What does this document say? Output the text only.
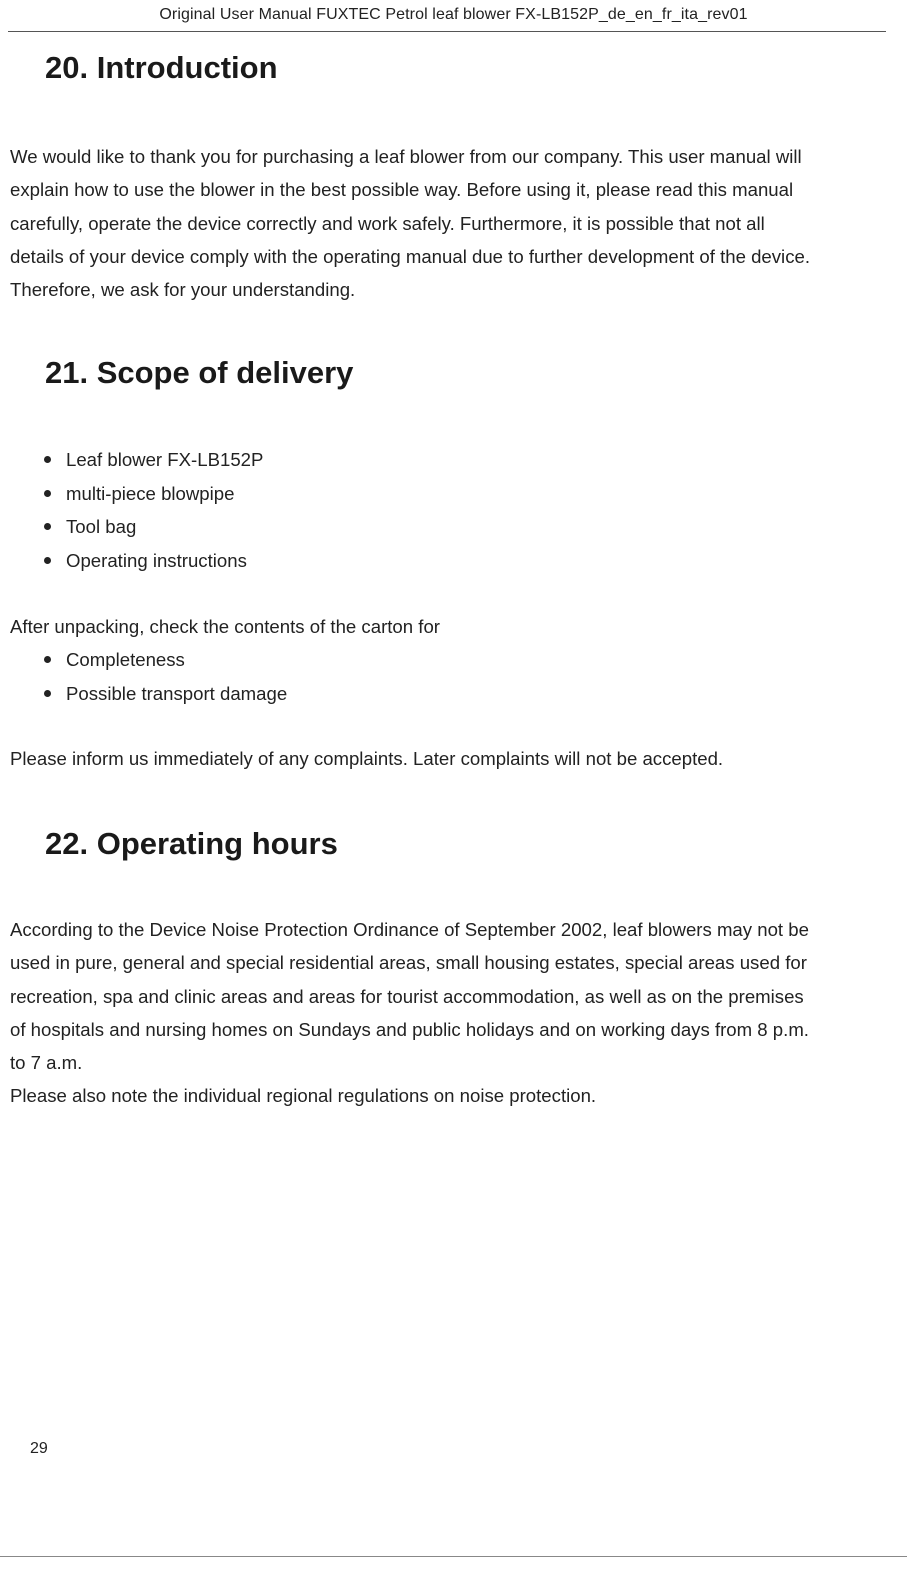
Original User Manual FUXTEC Petrol leaf blower FX-LB152P_de_en_fr_ita_rev01
20. Introduction
We would like to thank you for purchasing a leaf blower from our company. This user manual will
explain how to use the blower in the best possible way. Before using it, please read this manual
carefully, operate the device correctly and work safely. Furthermore, it is possible that not all
details of your device comply with the operating manual due to further development of the device.
Therefore, we ask for your understanding.
21. Scope of delivery
Leaf blower FX-LB152P
multi-piece blowpipe
Tool bag
Operating instructions
After unpacking, check the contents of the carton for
Completeness
Possible transport damage
Please inform us immediately of any complaints. Later complaints will not be accepted.
22. Operating hours
According to the Device Noise Protection Ordinance of September 2002, leaf blowers may not be
used in pure, general and special residential areas, small housing estates, special areas used for
recreation, spa and clinic areas and areas for tourist accommodation, as well as on the premises
of hospitals and nursing homes on Sundays and public holidays and on working days from 8 p.m.
to 7 a.m.
Please also note the individual regional regulations on noise protection.
29
